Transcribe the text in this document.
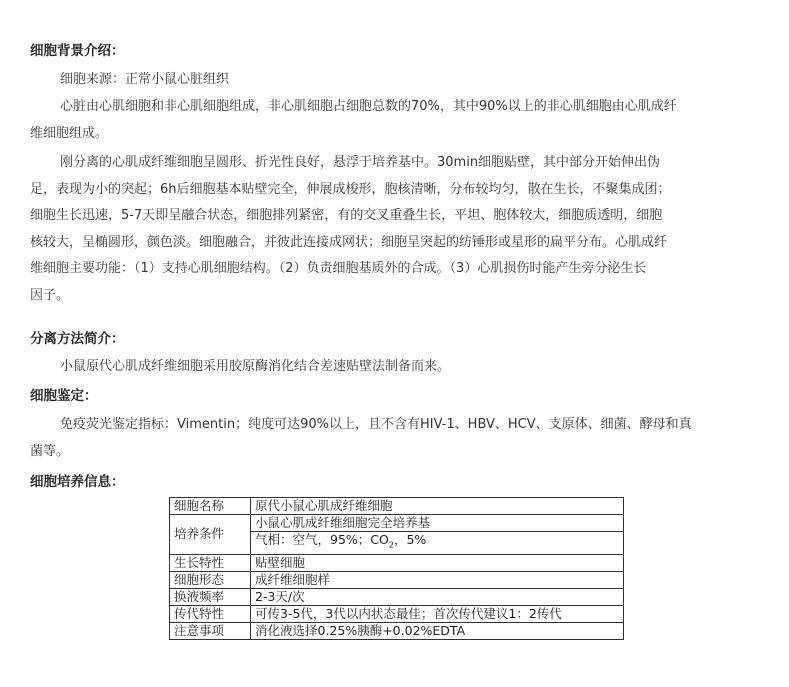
细胞背景介绍：

细胞来源：正常小鼠心脏组织

心脏由心肌细胞和非心肌细胞组成，非心肌细胞占细胞总数的70%，其中90%以上的非心肌细胞由心肌成纤
维细胞组成。

刚分离的心肌成纤维细胞呈圆形、折光性良好，悬浮于培养基中。30min细胞贴壁，其中部分开始伸出伪
足，表现为小的突起；6h后细胞基本贴壁完全，伸展成梭形，胞核清晰，分布较均匀，散在生长，不聚集成团；
细胞生长迅速，5-7天即呈融合状态，细胞排列紧密，有的交叉重叠生长，平坦、胞体较大，细胞质透明，细胞
核较大，呈椭圆形，颜色淡。细胞融合，并彼此连接成网状；细胞呈突起的纺锤形或星形的扁平分布。心肌成纤
维细胞主要功能：（1）支持心肌细胞结构。（2）负责细胞基质外的合成。（3）心肌损伤时能产生旁分泌生长
因子。

分离方法简介：

小鼠原代心肌成纤维细胞采用胶原酶消化结合差速贴壁法制备而来。

细胞鉴定：

免疫荧光鉴定指标：Vimentin；纯度可达90%以上，且不含有HIV-1、HBV、HCV、支原体、细菌、酵母和真
菌等。

细胞培养信息：
细胞名称	原代小鼠心肌成纤维细胞
培养条件	小鼠心肌成纤维细胞完全培养基
	气相：空气，95%；$CO_2$，5%
生长特性	贴壁细胞
细胞形态	成纤维细胞样
换液频率	2-3天/次
传代特性	可传3-5代，3代以内状态最佳；首次传代建议1：2传代
注意事项	消化液选择0.25%胰酶+0.02%EDTA
